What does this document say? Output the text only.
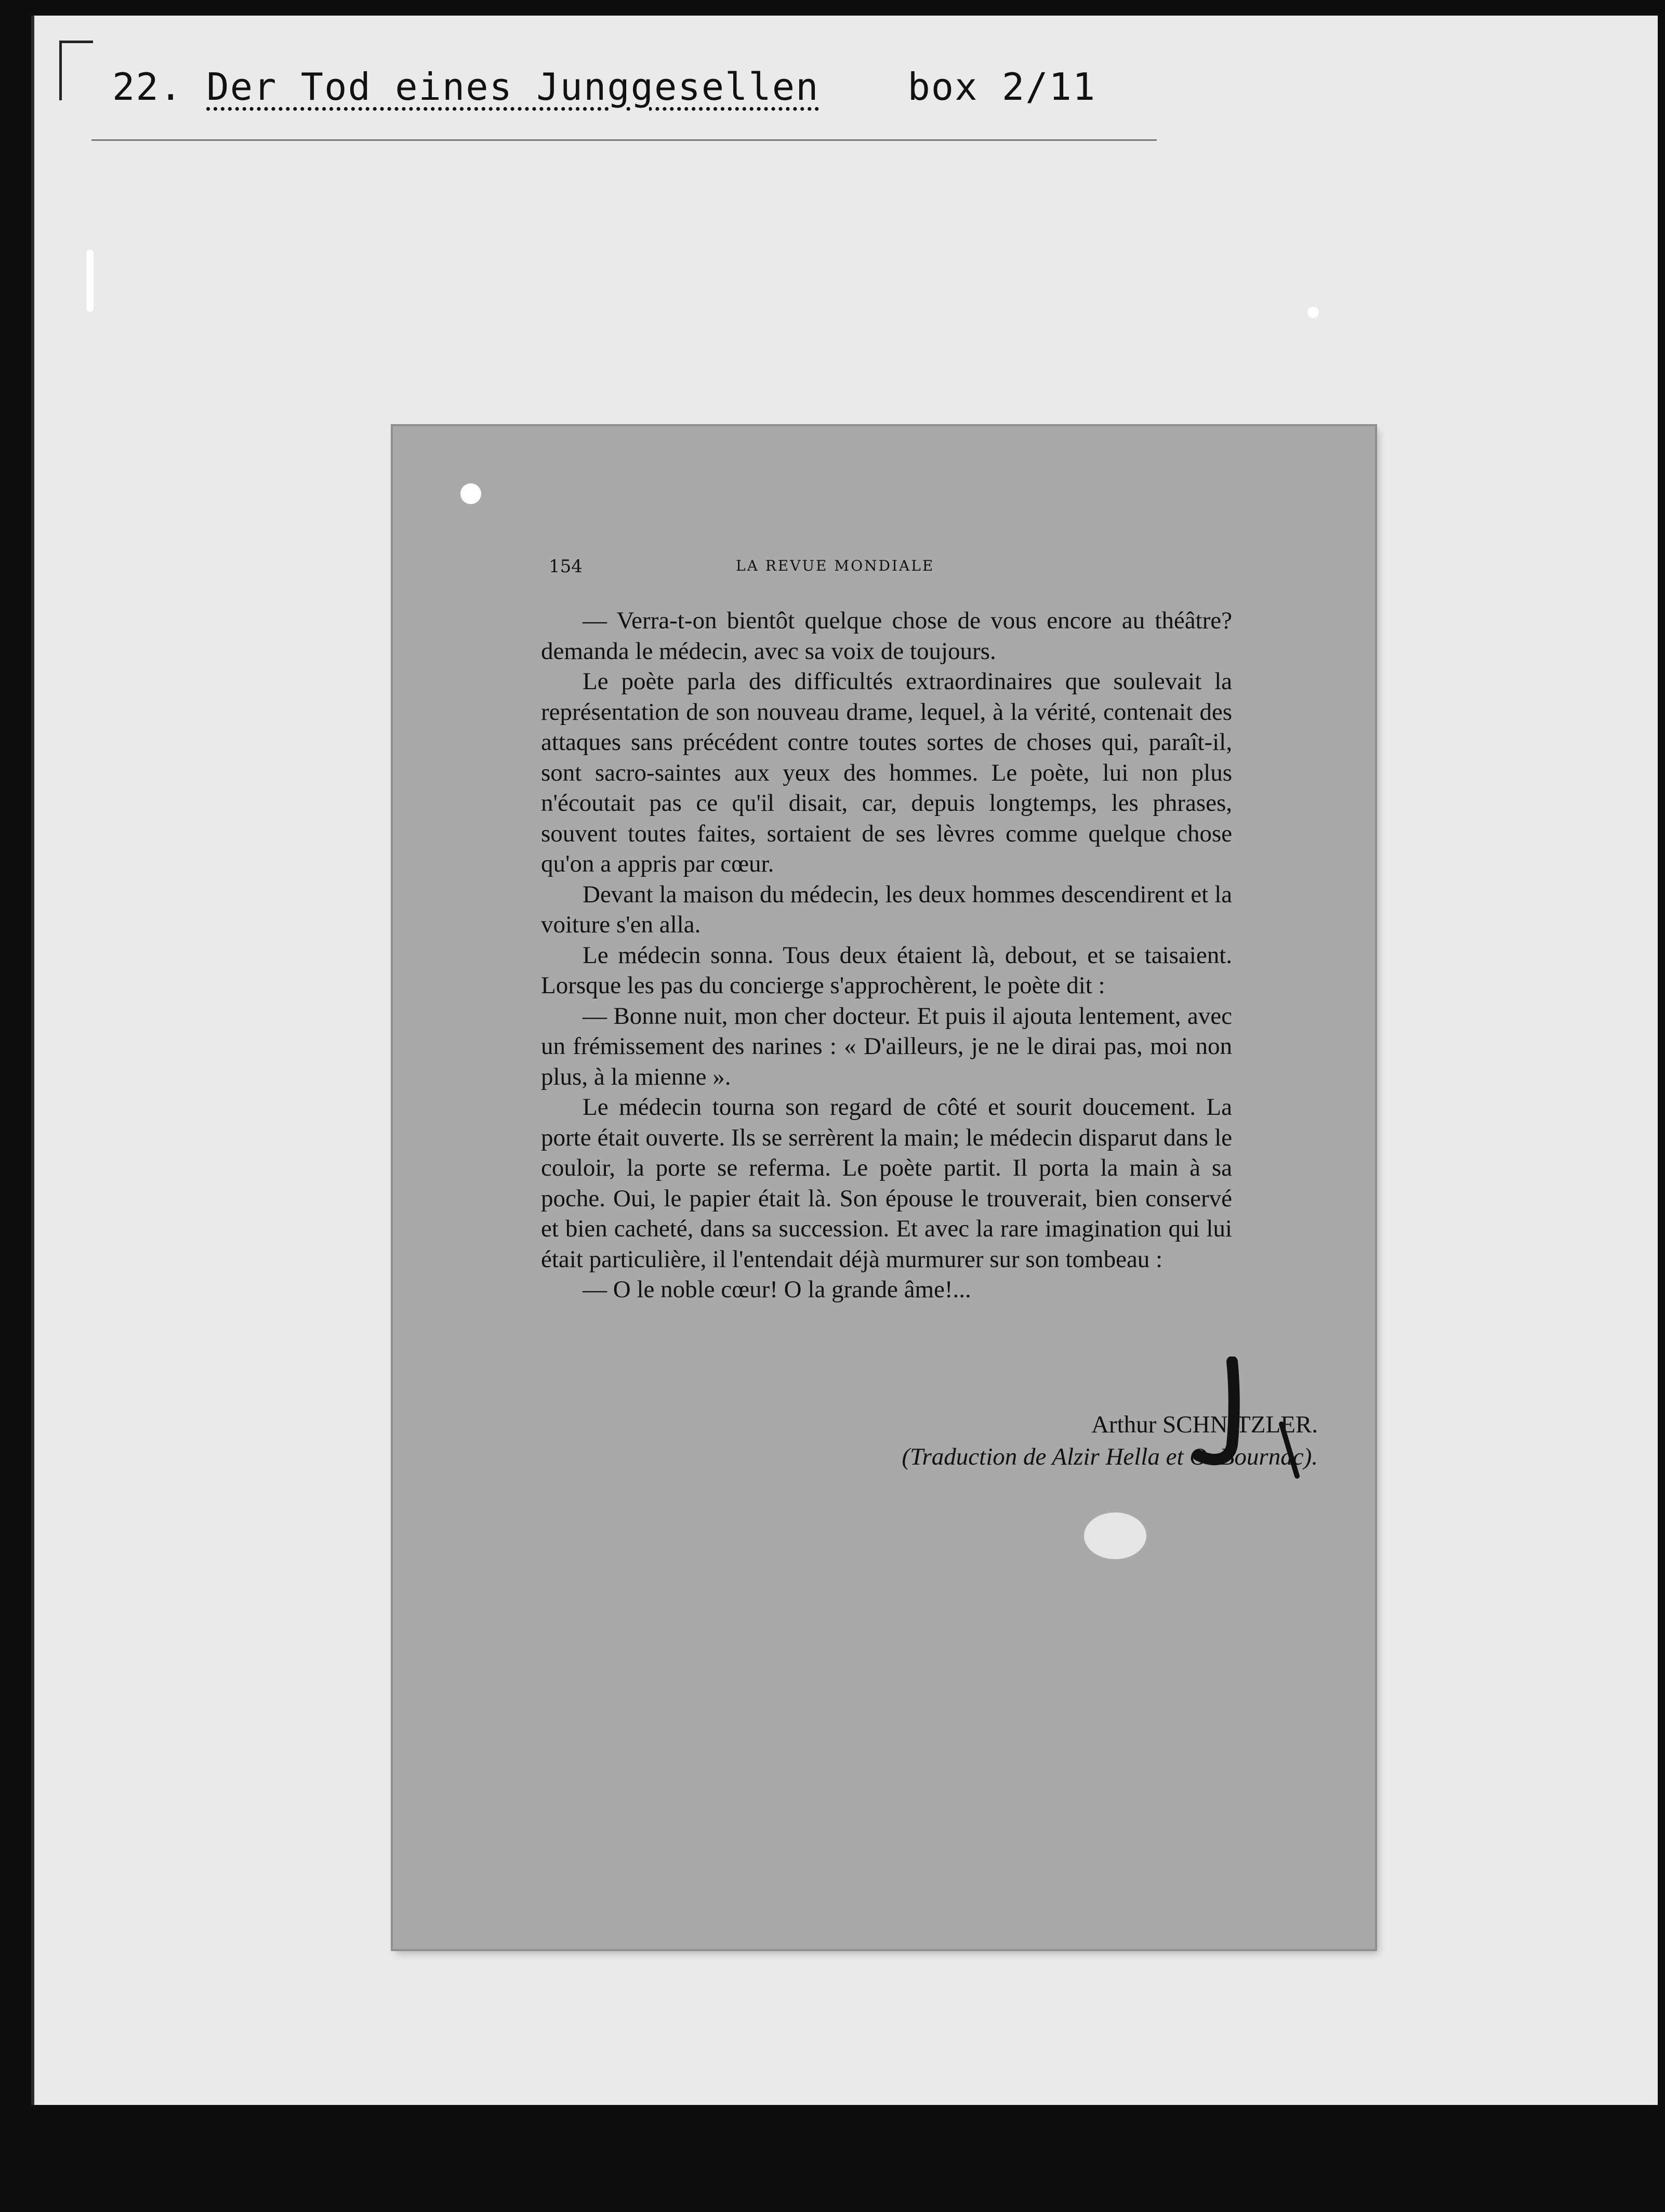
22. Der Tod eines Junggesellen box 2/11
154	LA REVUE MONDIALE

— Verra-t-on bientôt quelque chose de vous encore au théâtre? demanda le médecin, avec sa voix de toujours.

Le poète parla des difficultés extraordinaires que soulevait la représentation de son nouveau drame, lequel, à la vérité, contenait des attaques sans précédent contre toutes sortes de choses qui, paraît-il, sont sacro-saintes aux yeux des hommes. Le poète, lui non plus n'écoutait pas ce qu'il disait, car, depuis longtemps, les phrases, souvent toutes faites, sortaient de ses lèvres comme quelque chose qu'on a appris par cœur.

Devant la maison du médecin, les deux hommes descendirent et la voiture s'en alla.

Le médecin sonna. Tous deux étaient là, debout, et se taisaient. Lorsque les pas du concierge s'approchèrent, le poète dit :

— Bonne nuit, mon cher docteur. Et puis il ajouta lentement, avec un frémissement des narines : « D'ailleurs, je ne le dirai pas, moi non plus, à la mienne ».

Le médecin tourna son regard de côté et sourit doucement. La porte était ouverte. Ils se serrèrent la main; le médecin disparut dans le couloir, la porte se referma. Le poète partit. Il porta la main à sa poche. Oui, le papier était là. Son épouse le trouverait, bien conservé et bien cacheté, dans sa succession. Et avec la rare imagination qui lui était particulière, il l'entendait déjà murmurer sur son tombeau :

— O le noble cœur! O la grande âme!...

Arthur SCHNITZLER.
(Traduction de Alzir Hella et O. Bournac).
